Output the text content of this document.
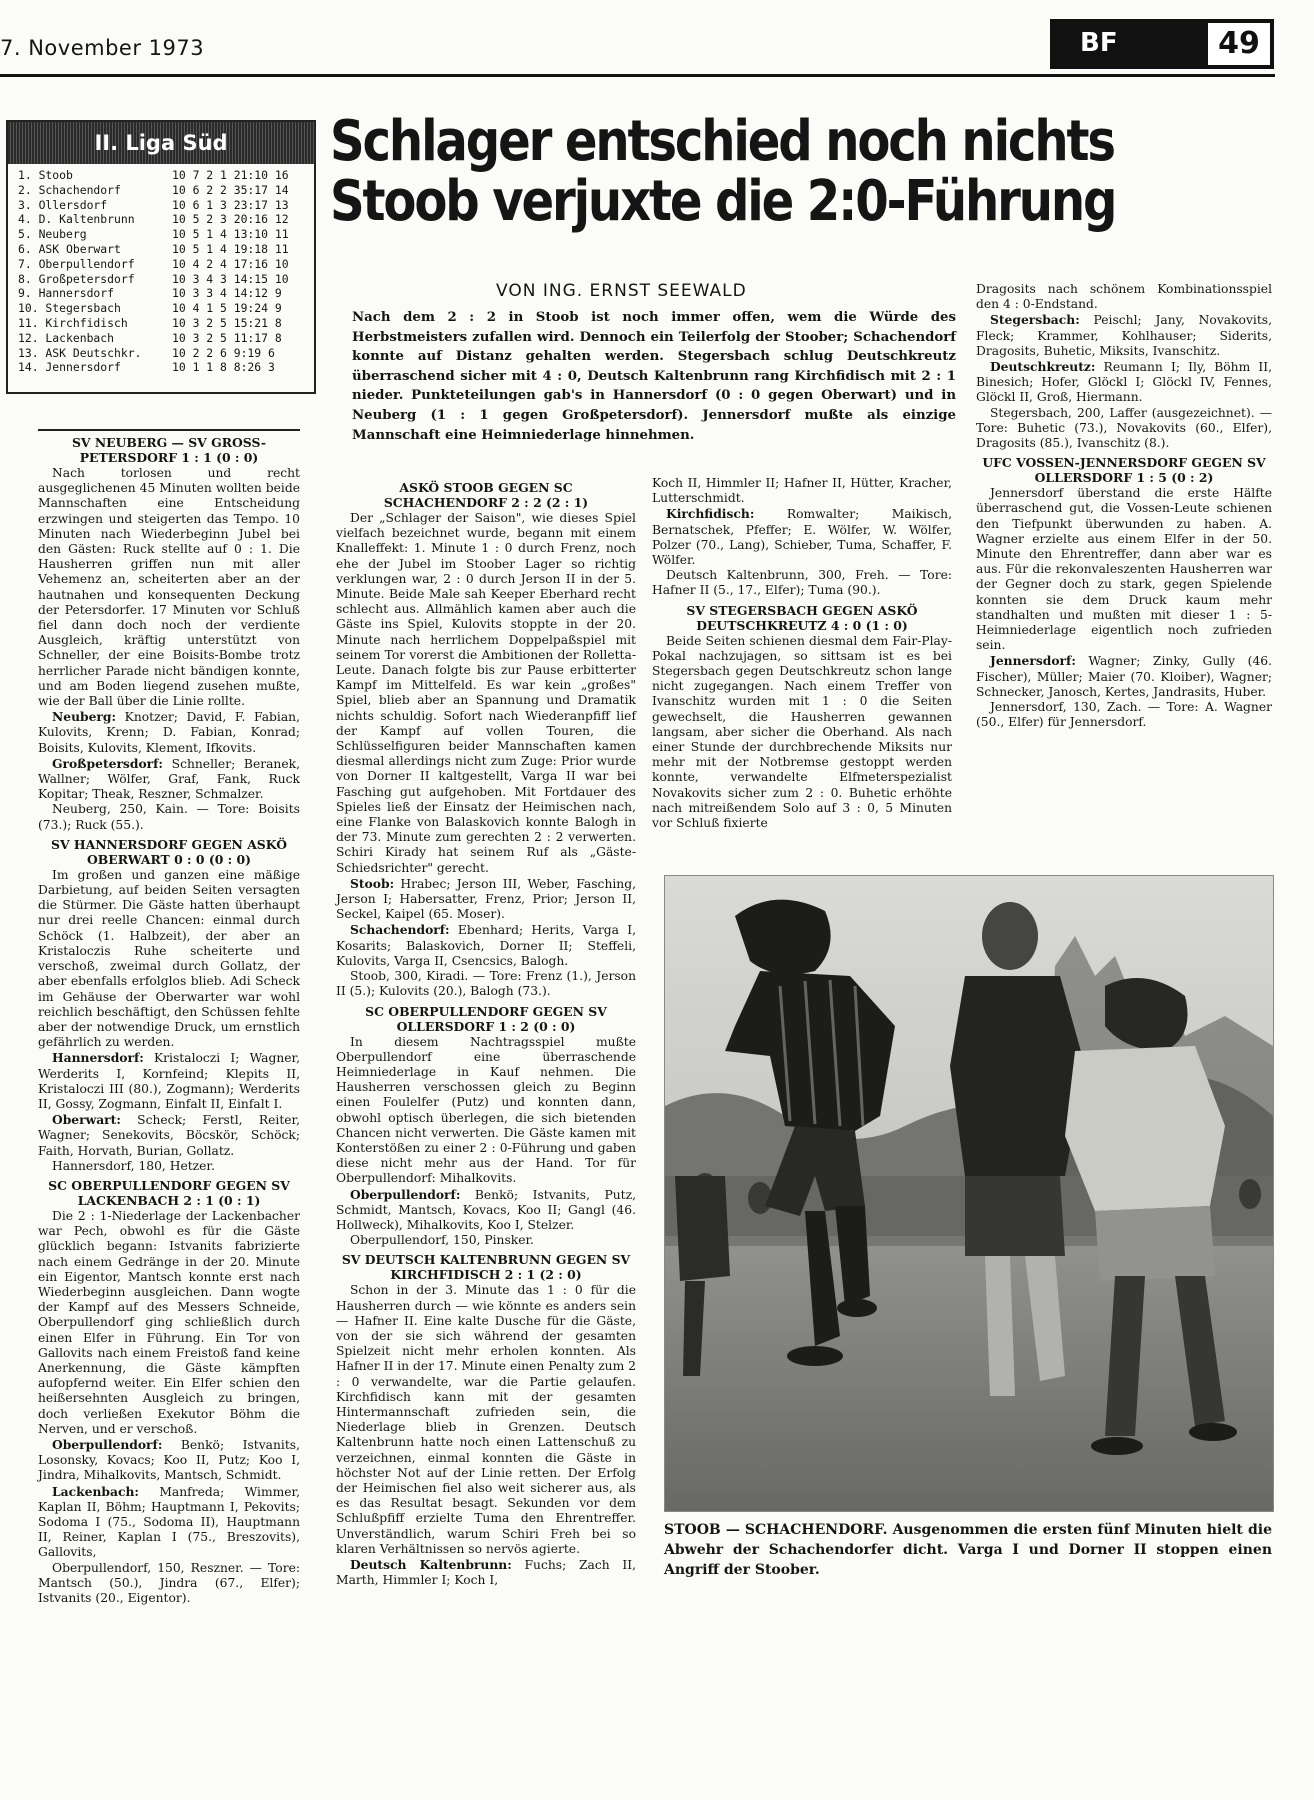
7. November 1973	BF	49
II. Liga Süd
1. Stoob	10 7 2 1 21:10 16
2. Schachendorf	10 6 2 2 35:17 14
3. Ollersdorf	10 6 1 3 23:17 13
4. D. Kaltenbrunn	10 5 2 3 20:16 12
5. Neuberg	10 5 1 4 13:10 11
6. ASK Oberwart	10 5 1 4 19:18 11
7. Oberpullendorf	10 4 2 4 17:16 10
8. Großpetersdorf	10 3 4 3 14:15 10
9. Hannersdorf	10 3 3 4 14:12 9
10. Stegersbach	10 4 1 5 19:24 9
11. Kirchfidisch	10 3 2 5 15:21 8
12. Lackenbach	10 3 2 5 11:17 8
13. ASK Deutschkr.	10 2 2 6 9:19 6
14. Jennersdorf	10 1 1 8 8:26 3
Schlager entschied noch nichts
Stoob verjuxte die 2:0-Führung
VON ING. ERNST SEEWALD
Nach dem 2 : 2 in Stoob ist noch immer offen, wem die Würde des Herbstmeisters zufallen wird. Dennoch ein Teilerfolg der Stoober; Schachendorf konnte auf Distanz gehalten werden. Stegersbach schlug Deutschkreutz überraschend sicher mit 4 : 0, Deutsch Kaltenbrunn rang Kirchfidisch mit 2 : 1 nieder. Punkteteilungen gab's in Hannersdorf (0 : 0 gegen Oberwart) und in Neuberg (1 : 1 gegen Großpetersdorf). Jennersdorf mußte als einzige Mannschaft eine Heimniederlage hinnehmen.
SV NEUBERG — SV GROSS-PETERSDORF 1 : 1 (0 : 0)

Nach torlosen und recht ausgeglichenen 45 Minuten wollten beide Mannschaften eine Entscheidung erzwingen und steigerten das Tempo. 10 Minuten nach Wiederbeginn Jubel bei den Gästen: Ruck stellte auf 0 : 1. Die Hausherren griffen nun mit aller Vehemenz an, scheiterten aber an der hautnahen und konsequenten Deckung der Petersdorfer. 17 Minuten vor Schluß fiel dann doch noch der verdiente Ausgleich, kräftig unterstützt von Schneller, der eine Boisits-Bombe trotz herrlicher Parade nicht bändigen konnte, und am Boden liegend zusehen mußte, wie der Ball über die Linie rollte.

Neuberg: Knotzer; David, F. Fabian, Kulovits, Krenn; D. Fabian, Konrad; Boisits, Kulovits, Klement, Ifkovits.

Großpetersdorf: Schneller; Beranek, Wallner; Wölfer, Graf, Fank, Ruck Kopitar; Theak, Reszner, Schmalzer.

Neuberg, 250, Kain. — Tore: Boisits (73.); Ruck (55.).

SV HANNERSDORF GEGEN ASKÖ OBERWART 0 : 0 (0 : 0)

Im großen und ganzen eine mäßige Darbietung, auf beiden Seiten versagten die Stürmer. Die Gäste hatten überhaupt nur drei reelle Chancen: einmal durch Schöck (1. Halbzeit), der aber an Kristaloczis Ruhe scheiterte und verschoß, zweimal durch Gollatz, der aber ebenfalls erfolglos blieb. Adi Scheck im Gehäuse der Oberwarter war wohl reichlich beschäftigt, den Schüssen fehlte aber der notwendige Druck, um ernstlich gefährlich zu werden.

Hannersdorf: Kristaloczi I; Wagner, Werderits I, Kornfeind; Klepits II, Kristaloczi III (80.), Zogmann); Werderits II, Gossy, Zogmann, Einfalt II, Einfalt I.

Oberwart: Scheck; Ferstl, Reiter, Wagner; Senekovits, Böcskör, Schöck; Faith, Horvath, Burian, Gollatz.

Hannersdorf, 180, Hetzer.

SC OBERPULLENDORF GEGEN SV LACKENBACH 2 : 1 (0 : 1)

Die 2 : 1-Niederlage der Lackenbacher war Pech, obwohl es für die Gäste glücklich begann: Istvanits fabrizierte nach einem Gedränge in der 20. Minute ein Eigentor, Mantsch konnte erst nach Wiederbeginn ausgleichen. Dann wogte der Kampf auf des Messers Schneide, Oberpullendorf ging schließlich durch einen Elfer in Führung. Ein Tor von Gallovits nach einem Freistoß fand keine Anerkennung, die Gäste kämpften aufopfernd weiter. Ein Elfer schien den heißersehnten Ausgleich zu bringen, doch verließen Exekutor Böhm die Nerven, und er verschoß.

Oberpullendorf: Benkö; Istvanits, Losonsky, Kovacs; Koo II, Putz; Koo I, Jindra, Mihalkovits, Mantsch, Schmidt.

Lackenbach: Manfreda; Wimmer, Kaplan II, Böhm; Hauptmann I, Pekovits; Sodoma I (75., Sodoma II), Hauptmann II, Reiner, Kaplan I (75., Breszovits), Gallovits,

Oberpullendorf, 150, Reszner. — Tore: Mantsch (50.), Jindra (67., Elfer); Istvanits (20., Eigentor).

ASKÖ STOOB GEGEN SC SCHACHENDORF 2 : 2 (2 : 1)

Der „Schlager der Saison", wie dieses Spiel vielfach bezeichnet wurde, begann mit einem Knalleffekt: 1. Minute 1 : 0 durch Frenz, noch ehe der Jubel im Stoober Lager so richtig verklungen war, 2 : 0 durch Jerson II in der 5. Minute. Beide Male sah Keeper Eberhard recht schlecht aus. Allmählich kamen aber auch die Gäste ins Spiel, Kulovits stoppte in der 20. Minute nach herrlichem Doppelpaßspiel mit seinem Tor vorerst die Ambitionen der Rolletta-Leute. Danach folgte bis zur Pause erbitterter Kampf im Mittelfeld. Es war kein „großes" Spiel, blieb aber an Spannung und Dramatik nichts schuldig. Sofort nach Wiederanpfiff lief der Kampf auf vollen Touren, die Schlüsselfiguren beider Mannschaften kamen diesmal allerdings nicht zum Zuge: Prior wurde von Dorner II kaltgestellt, Varga II war bei Fasching gut aufgehoben. Mit Fortdauer des Spieles ließ der Einsatz der Heimischen nach, eine Flanke von Balaskovich konnte Balogh in der 73. Minute zum gerechten 2 : 2 verwerten. Schiri Kirady hat seinem Ruf als „Gäste-Schiedsrichter" gerecht.

Stoob: Hrabec; Jerson III, Weber, Fasching, Jerson I; Habersatter, Frenz, Prior; Jerson II, Seckel, Kaipel (65. Moser).

Schachendorf: Ebenhard; Herits, Varga I, Kosarits; Balaskovich, Dorner II; Steffeli, Kulovits, Varga II, Csencsics, Balogh.

Stoob, 300, Kiradi. — Tore: Frenz (1.), Jerson II (5.); Kulovits (20.), Balogh (73.).

SC OBERPULLENDORF GEGEN SV OLLERSDORF 1 : 2 (0 : 0)

In diesem Nachtragsspiel mußte Oberpullendorf eine überraschende Heimniederlage in Kauf nehmen. Die Hausherren verschossen gleich zu Beginn einen Foulelfer (Putz) und konnten dann, obwohl optisch überlegen, die sich bietenden Chancen nicht verwerten. Die Gäste kamen mit Konterstößen zu einer 2 : 0-Führung und gaben diese nicht mehr aus der Hand. Tor für Oberpullendorf: Mihalkovits.

Oberpullendorf: Benkö; Istvanits, Putz, Schmidt, Mantsch, Kovacs, Koo II; Gangl (46. Hollweck), Mihalkovits, Koo I, Stelzer.

Oberpullendorf, 150, Pinsker.

SV DEUTSCH KALTENBRUNN GEGEN SV KIRCHFIDISCH 2 : 1 (2 : 0)

Schon in der 3. Minute das 1 : 0 für die Hausherren durch — wie könnte es anders sein — Hafner II. Eine kalte Dusche für die Gäste, von der sie sich während der gesamten Spielzeit nicht mehr erholen konnten. Als Hafner II in der 17. Minute einen Penalty zum 2 : 0 verwandelte, war die Partie gelaufen. Kirchfidisch kann mit der gesamten Hintermannschaft zufrieden sein, die Niederlage blieb in Grenzen. Deutsch Kaltenbrunn hatte noch einen Lattenschuß zu verzeichnen, einmal konnten die Gäste in höchster Not auf der Linie retten. Der Erfolg der Heimischen fiel also weit sicherer aus, als es das Resultat besagt. Sekunden vor dem Schlußpfiff erzielte Tuma den Ehrentreffer. Unverständlich, warum Schiri Freh bei so klaren Verhältnissen so nervös agierte.

Deutsch Kaltenbrunn: Fuchs; Zach II, Marth, Himmler I; Koch I,

Koch II, Himmler II; Hafner II, Hütter, Kracher, Lutterschmidt.

Kirchfidisch: Romwalter; Maikisch, Bernatschek, Pfeffer; E. Wölfer, W. Wölfer, Polzer (70., Lang), Schieber, Tuma, Schaffer, F. Wölfer.

Deutsch Kaltenbrunn, 300, Freh. — Tore: Hafner II (5., 17., Elfer); Tuma (90.).

SV STEGERSBACH GEGEN ASKÖ DEUTSCHKREUTZ 4 : 0 (1 : 0)

Beide Seiten schienen diesmal dem Fair-Play-Pokal nachzujagen, so sittsam ist es bei Stegersbach gegen Deutschkreutz schon lange nicht zugegangen. Nach einem Treffer von Ivanschitz wurden mit 1 : 0 die Seiten gewechselt, die Hausherren gewannen langsam, aber sicher die Oberhand. Als nach einer Stunde der durchbrechende Miksits nur mehr mit der Notbremse gestoppt werden konnte, verwandelte Elfmeterspezialist Novakovits sicher zum 2 : 0. Buhetic erhöhte nach mitreißendem Solo auf 3 : 0, 5 Minuten vor Schluß fixierte

Dragosits nach schönem Kombinationsspiel den 4 : 0-Endstand.

Stegersbach: Peischl; Jany, Novakovits, Fleck; Krammer, Kohlhauser; Siderits, Dragosits, Buhetic, Miksits, Ivanschitz.

Deutschkreutz: Reumann I; Ily, Böhm II, Binesich; Hofer, Glöckl I; Glöckl IV, Fennes, Glöckl II, Groß, Hiermann.

Stegersbach, 200, Laffer (ausgezeichnet). — Tore: Buhetic (73.), Novakovits (60., Elfer), Dragosits (85.), Ivanschitz (8.).

UFC VOSSEN-JENNERSDORF GEGEN SV OLLERSDORF 1 : 5 (0 : 2)

Jennersdorf überstand die erste Hälfte überraschend gut, die Vossen-Leute schienen den Tiefpunkt überwunden zu haben. A. Wagner erzielte aus einem Elfer in der 50. Minute den Ehrentreffer, dann aber war es aus. Für die rekonvaleszenten Hausherren war der Gegner doch zu stark, gegen Spielende konnten sie dem Druck kaum mehr standhalten und mußten mit dieser 1 : 5-Heimniederlage eigentlich noch zufrieden sein.

Jennersdorf: Wagner; Zinky, Gully (46. Fischer), Müller; Maier (70. Kloiber), Wagner; Schnecker, Janosch, Kertes, Jandrasits, Huber.

Jennersdorf, 130, Zach. — Tore: A. Wagner (50., Elfer) für Jennersdorf.

STOOB — SCHACHENDORF. Ausgenommen die ersten fünf Minuten hielt die Abwehr der Schachendorfer dicht. Varga I und Dorner II stoppen einen Angriff der Stoober.
